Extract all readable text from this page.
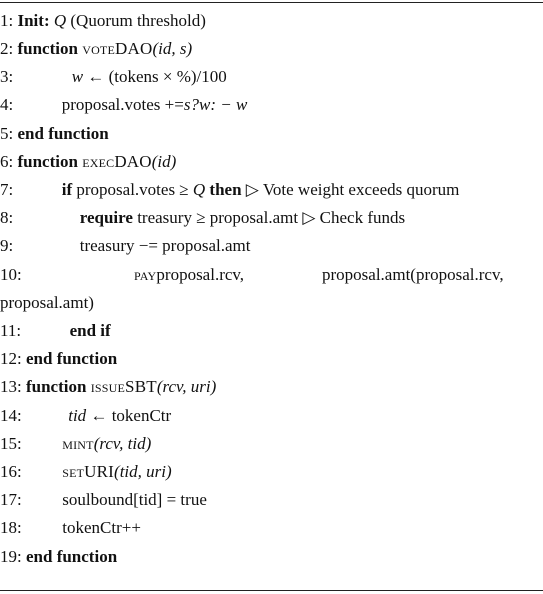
1: Init: Q (Quorum threshold)
2: function voteDAO(id, s)
3:	w ← (tokens × %)/100
4:	proposal.votes +=s?w: − w
5: end function
6: function execDAO(id)
7:	if proposal.votes ≥ Q then ▷ Vote weight exceeds quorum
8:	require treasury ≥ proposal.amt ▷ Check funds
9:	treasury −= proposal.amt
10:	payproposal.rcv,	proposal.amt(proposal.rcv,
proposal.amt)
11:	end if
12: end function
13: function issueSBT(rcv, uri)
14:	tid ← tokenCtr
15: mint(rcv, tid)
16: setURI(tid, uri)
17: soulbound[tid] = true
18: tokenCtr++
19: end function
